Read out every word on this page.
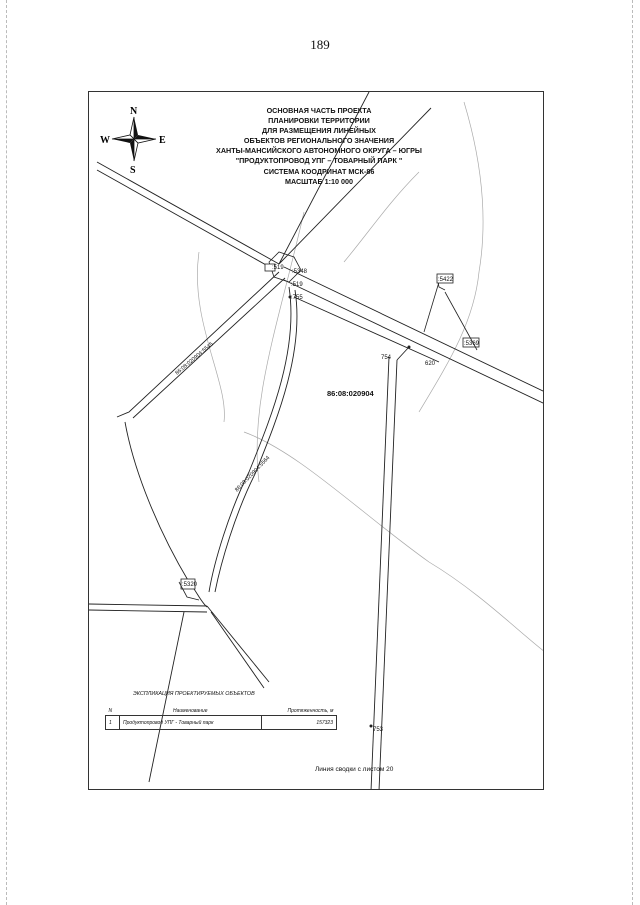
189
N
S
W	E
:5348
:519
:519
:755
:5422
:5369
754
620
:5320
753
86:08:020904
86:08:020904:5545
86:08:020904:5564
ОСНОВНАЯ ЧАСТЬ ПРОЕКТА
ПЛАНИРОВКИ ТЕРРИТОРИИ
ДЛЯ РАЗМЕЩЕНИЯ ЛИНЕЙНЫХ
ОБЪЕКТОВ РЕГИОНАЛЬНОГО ЗНАЧЕНИЯ
ХАНТЫ-МАНСИЙСКОГО АВТОНОМНОГО ОКРУГА – ЮГРЫ
"ПРОДУКТОПРОВОД УПГ – ТОВАРНЫЙ ПАРК "
СИСТЕМА КООДРИНАТ МСК-86
МАСШТАБ 1:10 000
ЭКСПЛИКАЦИЯ ПРОЕКТИРУЕМЫХ ОБЪЕКТОВ
N	Наименование	Протяженность, м
1	Продуктопровод УПГ - Товарный парк	157323
Линия сводки с листом 20
